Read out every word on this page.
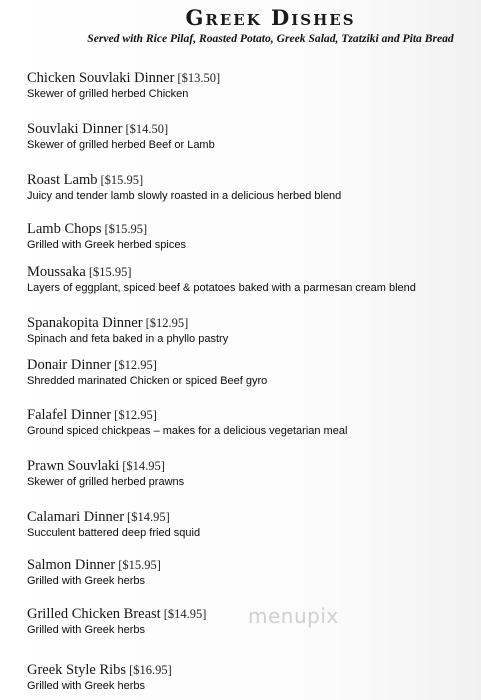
Greek Dishes
Served with Rice Pilaf, Roasted Potato, Greek Salad, Tzatziki and Pita Bread
Chicken Souvlaki Dinner [$13.50]
Skewer of grilled herbed Chicken
Souvlaki Dinner [$14.50]
Skewer of grilled herbed Beef or Lamb
Roast Lamb [$15.95]
Juicy and tender lamb slowly roasted in a delicious herbed blend
Lamb Chops [$15.95]
Grilled with Greek herbed spices
Moussaka [$15.95]
Layers of eggplant, spiced beef & potatoes baked with a parmesan cream blend
Spanakopita Dinner [$12.95]
Spinach and feta baked in a phyllo pastry
Donair Dinner [$12.95]
Shredded marinated Chicken or spiced Beef gyro
Falafel Dinner [$12.95]
Ground spiced chickpeas – makes for a delicious vegetarian meal
Prawn Souvlaki [$14.95]
Skewer of grilled herbed prawns
Calamari Dinner [$14.95]
Succulent battered deep fried squid
Salmon Dinner [$15.95]
Grilled with Greek herbs
Grilled Chicken Breast [$14.95]
Grilled with Greek herbs
Greek Style Ribs [$16.95]
Grilled with Greek herbs
menupix
